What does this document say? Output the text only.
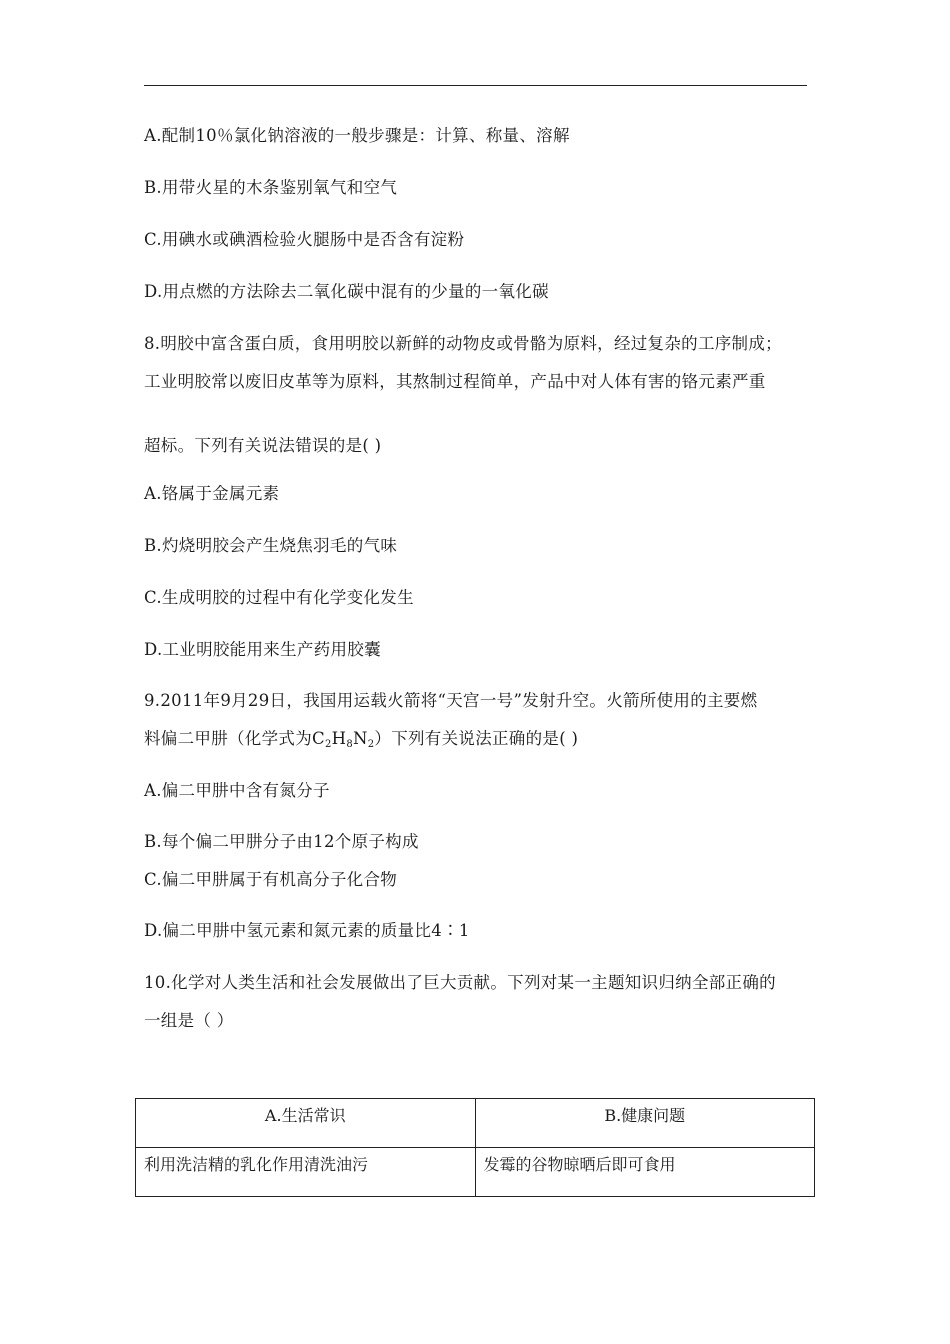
A.配制10％氯化钠溶液的一般步骤是：计算、称量、溶解
B.用带火星的木条鉴别氧气和空气
C.用碘水或碘酒检验火腿肠中是否含有淀粉
D.用点燃的方法除去二氧化碳中混有的少量的一氧化碳
8.明胶中富含蛋白质，食用明胶以新鲜的动物皮或骨骼为原料，经过复杂的工序制成；
工业明胶常以废旧皮革等为原料，其熬制过程简单，产品中对人体有害的铬元素严重
超标。下列有关说法错误的是( )
A.铬属于金属元素
B.灼烧明胶会产生烧焦羽毛的气味
C.生成明胶的过程中有化学变化发生
D.工业明胶能用来生产药用胶囊
9.2011年9月29日，我国用运载火箭将“天宫一号”发射升空。火箭所使用的主要燃
料偏二甲肼（化学式为$C_2H_8N_2$）下列有关说法正确的是( )
A.偏二甲肼中含有氮分子
B.每个偏二甲肼分子由12个原子构成
C.偏二甲肼属于有机高分子化合物
D.偏二甲肼中氢元素和氮元素的质量比4∶1
10.化学对人类生活和社会发展做出了巨大贡献。下列对某一主题知识归纳全部正确的
一组是（ ）
A.生活常识	B.健康问题
利用洗洁精的乳化作用清洗油污	发霉的谷物晾晒后即可食用
